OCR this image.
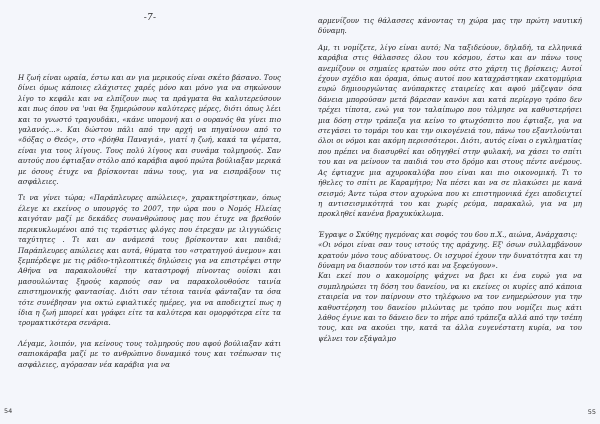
-7-

Η ζωή είναι ωραία, έστω και αν για μερικούς είναι σκέτο βάσανο. Τους δίνει όμως κάποιες ελάχιστες χαρές μόνο και μόνο για να σηκώνουν λίγο το κεφάλι και να ελπίζουν πως τα πράγματα θα καλυτερεύσουν και πως όπου να 'ναι θα ξημερώσουν καλύτερες μέρες, διότι όπως λέει και το γνωστό τραγουδάκι, «κάνε υπομονή και ο ουρανός θα γίνει πιο γαλανός...». Και δώστου πάλι από την αρχή να πηγαίνουν από το «δόξας ο Θεός», στο «βόηθα Παναγιά», γιατί η ζωή, κακά τα ψέματα, είναι για τους λίγους. Τους πολύ λίγους και συνάμα τολμηρούς. Σαν αυτούς που έφτιαξαν στόλο από καράβια αφού πρώτα βούλιαξαν μερικά με όσους έτυχε να βρίσκονται πάνω τους, για να εισπράξουν τις ασφάλειες.

Τι να γίνει τώρα; «Παράπλευρες απώλειες», χαρακτηρίστηκαν, όπως έλεγε κι εκείνος ο υπουργός το 2007, την ώρα που ο Νομός Ηλείας καιγόταν μαζί με δεκάδες συνανθρώπους μας που έτυχε να βρεθούν περικυκλωμένοι από τις τεράστιες φλόγες που έτρεχαν με ιλιγγιώδεις ταχύτητες . Τι και αν ανάμεσά τους βρίσκονταν και παιδιά; Παράπλευρες απώλειες και αυτά, θύματα του «στρατηγού άνεμου» και ξεμπέρδεψε με τις ράδιο-τηλεοπτικές δηλώσεις για να επιστρέψει στην Αθήνα να παρακολουθεί την καταστροφή πίνοντας ουίσκι και μασουλώντας ξηρούς καρπούς σαν να παρακολουθούσε ταινία επιστημονικής φαντασίας. Διότι σαν τέτοια ταινία φάνταζαν τα όσα τότε συνέβησαν για οκτώ εφιαλτικές ημέρες, για να αποδειχτεί πως η ίδια η ζωή μπορεί και γράφει είτε τα καλύτερα και ομορφότερα είτε τα τρομακτικότερα σενάρια.

Λέγαμε, λοιπόν, για κείνους τους τολμηρούς που αφού βούλιαξαν κάτι σαπιοκάραβα μαζί με το ανθρώπινο δυναμικό τους και τσέπωσαν τις ασφάλειες, αγόρασαν νέα καράβια για να

54

αρμενίζουν τις θάλασσες κάνοντας τη χώρα μας την πρώτη ναυτική δύναμη.

Αμ, τι νομίζετε, λίγο είναι αυτό; Να ταξιδεύουν, δηλαδή, τα ελληνικά καράβια στις θάλασσες όλου του κόσμου, έστω και αν πάνω τους ανεμίζουν οι σημαίες κρατών που ούτε στο χάρτη τις βρίσκεις; Αυτοί έχουν σχέδιο και όραμα, όπως αυτοί που καταχράστηκαν εκατομμύρια ευρώ δημιουργώντας ανύπαρκτες εταιρείες και αφού μάζεψαν όσα δάνεια μπορούσαν μετά βάρεσαν κανόνι και κατά περίεργο τρόπο δεν τρέχει τίποτα, ενώ για τον ταλαίπωρο που τόλμησε να καθυστερήσει μια δόση στην τράπεζα για κείνο το φτωχόσπιτο που έφτιαξε, για να στεγάσει το τομάρι του και την οικογένειά του, πάνω του εξαντλούνται όλοι οι νόμοι και ακόμη περισσότεροι. Διότι, αυτός είναι ο εγκληματίας που πρέπει να διασυρθεί και οδηγηθεί στην φυλακή, να χάσει το σπίτι του και να μείνουν τα παιδιά του στο δρόμο και στους πέντε ανέμους. Ας έφτιαχνε μια αχυροκαλύβα που είναι και πιο οικονομική. Τι το ήθελες το σπίτι ρε Καραμήτρο; Να πέσει και να σε πλακώσει με κανά σεισμό; Άντε τώρα στον αχυρώνα που κι επιστημονικά έχει αποδειχτεί η αντισεισμικότητά του και χωρίς ρεύμα, παρακαλώ, για να μη προκληθεί κανένα βραχυκύκλωμα.

Έγραψε ο Σκύθης ηγεμόνας και σοφός του 6ου π.Χ., αιώνα, Ανάρχασις:

«Οι νόμοι είναι σαν τους ιστούς της αράχνης. Εξ' όσων συλλαμβάνουν κρατούν μόνο τους αδύνατους. Οι ισχυροί έχουν την δυνατότητα και τη δύναμη να διασπούν τον ιστό και να ξεφεύγουν».

Και εκεί που ο κακομοίρης ψάχνει να βρει κι ένα ευρώ για να συμπληρώσει τη δόση του δανείου, να κι εκείνες οι κυρίες από κάποια εταιρεία να τον παίρνουν στο τηλέφωνο να τον ενημερώσουν για την καθυστέρηση του δανείου μιλώντας με τρόπο που νομίζει πως κάτι λάθος έγινε και το δάνειο δεν το πήρε από τράπεζα αλλά από την τσέπη τους, και να ακούει την, κατά τα άλλα ευγενέστατη κυρία, να του ψέλνει τον εξάψαλμο

55
